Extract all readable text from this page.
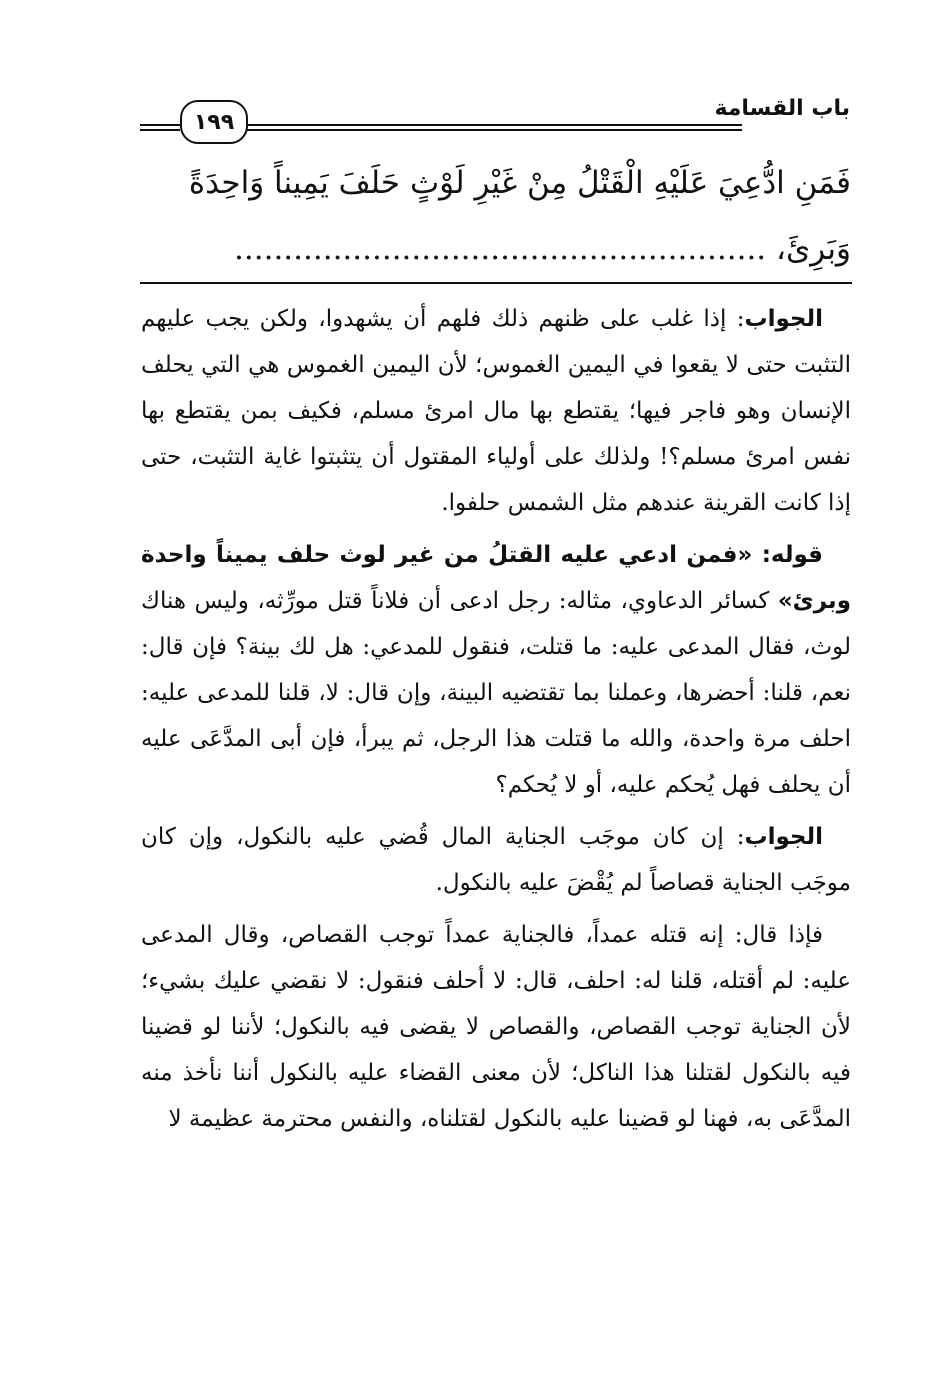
باب القسامة
١٩٩
فَمَنِ ادُّعِيَ عَلَيْهِ الْقَتْلُ مِنْ غَيْرِ لَوْثٍ حَلَفَ يَمِيناً وَاحِدَةً
وَبَرِئَ، ......................................................

الجواب: إذا غلب على ظنهم ذلك فلهم أن يشهدوا، ولكن يجب عليهم التثبت حتى لا يقعوا في اليمين الغموس؛ لأن اليمين الغموس هي التي يحلف الإنسان وهو فاجر فيها؛ يقتطع بها مال امرئ مسلم، فكيف بمن يقتطع بها نفس امرئ مسلم؟! ولذلك على أولياء المقتول أن يتثبتوا غاية التثبت، حتى إذا كانت القرينة عندهم مثل الشمس حلفوا.

قوله: «فمن ادعي عليه القتلُ من غير لوث حلف يميناً واحدة وبرئ» كسائر الدعاوي، مثاله: رجل ادعى أن فلاناً قتل مورِّثه، وليس هناك لوث، فقال المدعى عليه: ما قتلت، فنقول للمدعي: هل لك بينة؟ فإن قال: نعم، قلنا: أحضرها، وعملنا بما تقتضيه البينة، وإن قال: لا، قلنا للمدعى عليه: احلف مرة واحدة، والله ما قتلت هذا الرجل، ثم يبرأ، فإن أبى المدَّعَى عليه أن يحلف فهل يُحكم عليه، أو لا يُحكم؟

الجواب: إن كان موجَب الجناية المال قُضي عليه بالنكول، وإن كان موجَب الجناية قصاصاً لم يُقْضَ عليه بالنكول.

فإذا قال: إنه قتله عمداً، فالجناية عمداً توجب القصاص، وقال المدعى عليه: لم أقتله، قلنا له: احلف، قال: لا أحلف فنقول: لا نقضي عليك بشيء؛ لأن الجناية توجب القصاص، والقصاص لا يقضى فيه بالنكول؛ لأننا لو قضينا فيه بالنكول لقتلنا هذا الناكل؛ لأن معنى القضاء عليه بالنكول أننا نأخذ منه المدَّعَى به، فهنا لو قضينا عليه بالنكول لقتلناه، والنفس محترمة عظيمة لا
